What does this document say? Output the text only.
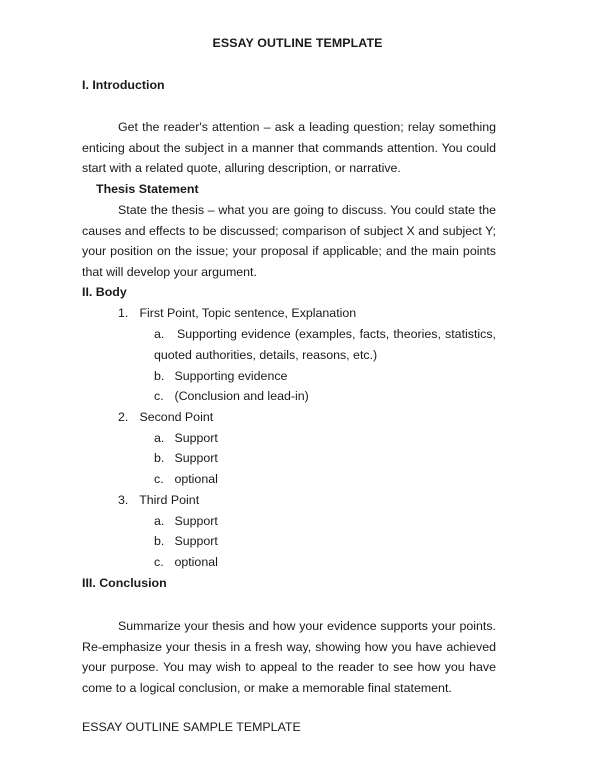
ESSAY OUTLINE TEMPLATE
I. Introduction
Get the reader's attention – ask a leading question; relay something
enticing about the subject in a manner that commands attention. You could
start with a related quote, alluring description, or narrative.
Thesis Statement
State the thesis – what you are going to discuss. You could state the
causes and effects to be discussed; comparison of subject X and subject Y;
your position on the issue; your proposal if applicable; and the main points
that will develop your argument.
II. Body
1. First Point, Topic sentence, Explanation
a.	Supporting evidence (examples, facts, theories, statistics,
quoted authorities, details, reasons, etc.)
b. Supporting evidence
c. (Conclusion and lead-in)
2. Second Point
a. Support
b. Support
c. optional
3. Third Point
a. Support
b. Support
c. optional
III. Conclusion
Summarize your thesis and how your evidence supports your points.
Re-emphasize your thesis in a fresh way, showing how you have achieved
your purpose. You may wish to appeal to the reader to see how you have
come to a logical conclusion, or make a memorable final statement.
ESSAY OUTLINE SAMPLE TEMPLATE
